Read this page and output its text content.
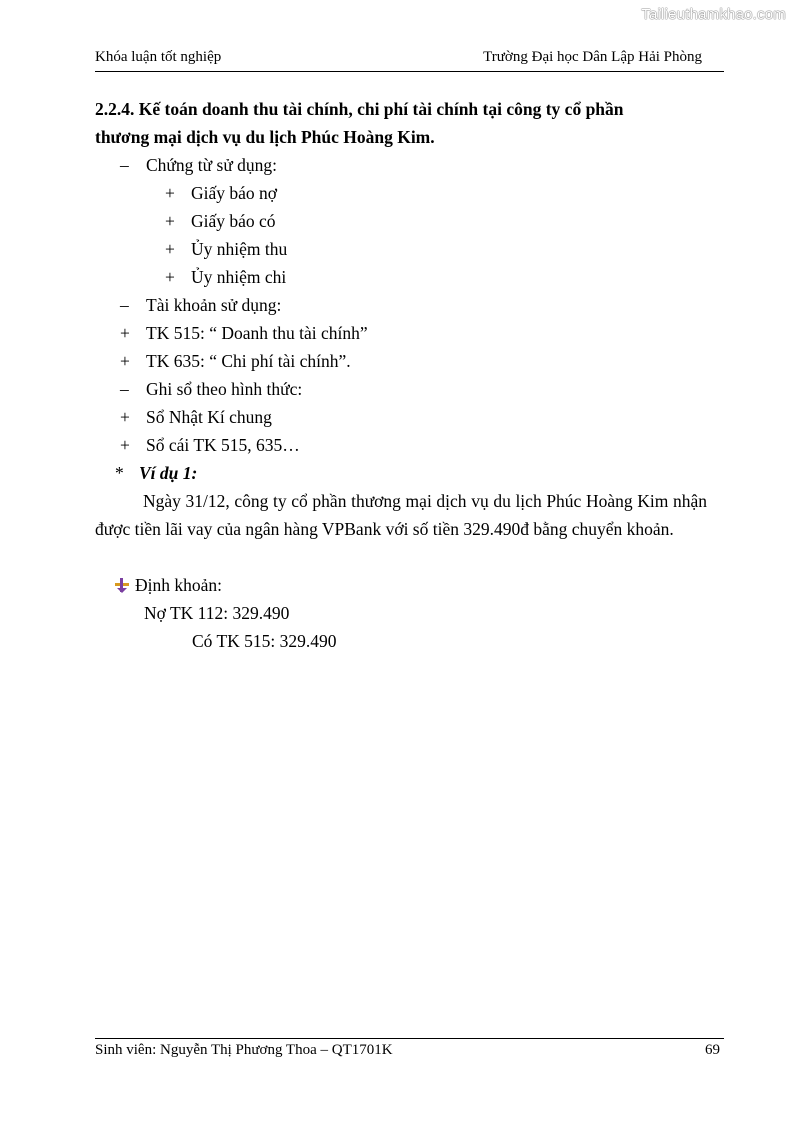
Tailieuthamkhao.com
Khóa luận tốt nghiệp	Trường Đại học Dân Lập Hải Phòng

2.2.4. Kế toán doanh thu tài chính, chi phí tài chính tại công ty cổ phần
thương mại dịch vụ du lịch Phúc Hoàng Kim.

– Chứng từ sử dụng:
+ Giấy báo nợ
+ Giấy báo có
+ Ủy nhiệm thu
+ Ủy nhiệm chi
– Tài khoản sử dụng:
+ TK 515: “ Doanh thu tài chính”
+ TK 635: “ Chi phí tài chính”.
– Ghi sổ theo hình thức:
+ Sổ Nhật Kí chung
+ Sổ cái TK 515, 635…
* Ví dụ 1:
Ngày 31/12, công ty cổ phần thương mại dịch vụ du lịch Phúc Hoàng Kim nhận được tiền lãi vay của ngân hàng VPBank với số tiền 329.490đ bằng chuyển khoản.
Định khoản:
Nợ TK 112: 329.490
Có TK 515: 329.490
Sinh viên: Nguyễn Thị Phương Thoa – QT1701K	69
